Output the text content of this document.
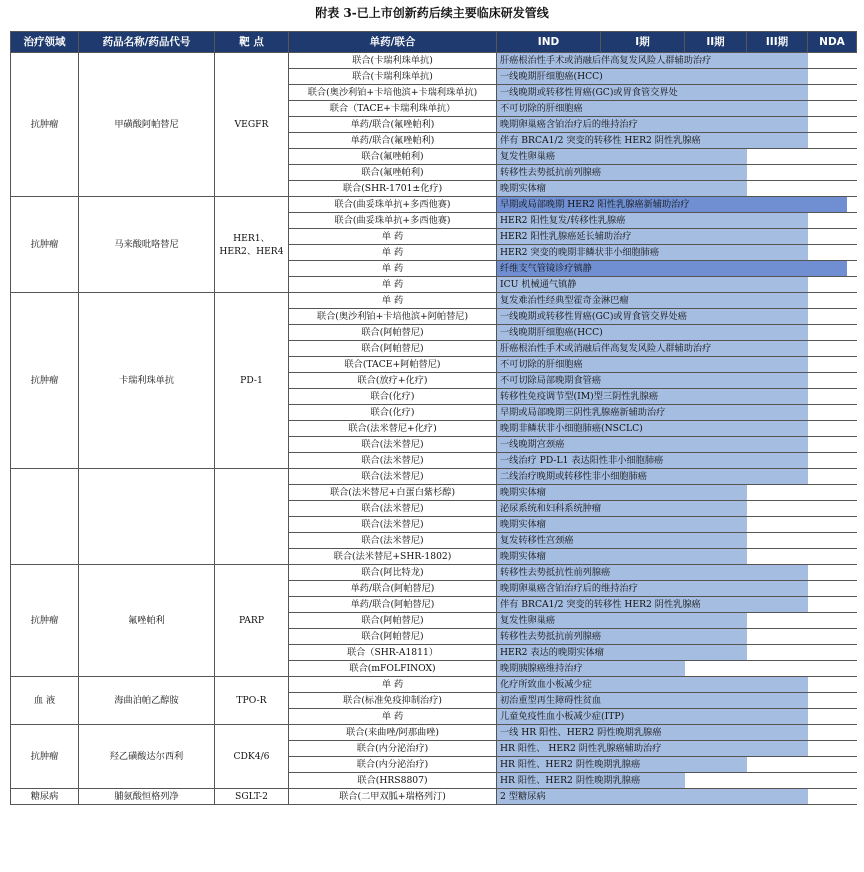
附表 3-已上市创新药后续主要临床研发管线
治疗领域	药品名称/药品代号	靶 点	单药/联合	IND	I期	II期	III期	NDA
抗肿瘤	甲磺酸阿帕替尼	VEGFR	联合(卡瑞利珠单抗)	肝癌根治性手术或消融后伴高复发风险人群辅助治疗				

			联合(卡瑞利珠单抗)	一线晚期肝细胞癌(HCC)				

			联合(奥沙利铂+卡培他滨+卡瑞利珠单抗)	一线晚期或转移性胃癌(GC)或胃食管交界处				

			联合（TACE+卡瑞利珠单抗）	不可切除的肝细胞癌				

			单药/联合(氟唑帕利)	晚期卵巢癌含铂治疗后的维持治疗				

			单药/联合(氟唑帕利)	伴有 BRCA1/2 突变的转移性 HER2 阴性乳腺癌				

			联合(氟唑帕利)	复发性卵巢癌				

			联合(氟唑帕利)	转移性去势抵抗前列腺癌				

			联合(SHR-1701±化疗)	晚期实体瘤				

抗肿瘤	马来酸吡咯替尼	HER1、HER2、HER4	联合(曲妥珠单抗+多西他赛)	早期或局部晚期 HER2 阳性乳腺癌新辅助治疗				

			联合(曲妥珠单抗+多西他赛)	HER2 阳性复发/转移性乳腺癌				

			单 药	HER2 阳性乳腺癌延长辅助治疗				

			单 药	HER2 突变的晚期非鳞状非小细胞肺癌				

			单 药	纤维支气管镜诊疗镇静				

			单 药	ICU 机械通气镇静				

抗肿瘤	卡瑞利珠单抗	PD-1	单 药	复发难治性经典型霍奇金淋巴瘤				

			联合(奥沙利铂+卡培他滨+阿帕替尼)	一线晚期或转移性胃癌(GC)或胃食管交界处癌				

			联合(阿帕替尼)	一线晚期肝细胞癌(HCC)				

			联合(阿帕替尼)	肝癌根治性手术或消融后伴高复发风险人群辅助治疗				

			联合(TACE+阿帕替尼)	不可切除的肝细胞癌				

			联合(放疗+化疗)	不可切除局部晚期食管癌				

			联合(化疗)	转移性免疫调节型(IM)型三阴性乳腺癌				

			联合(化疗)	早期或局部晚期三阴性乳腺癌新辅助治疗				

			联合(法米替尼+化疗)	晚期非鳞状非小细胞肺癌(NSCLC)				

			联合(法米替尼)	一线晚期宫颈癌				

			联合(法米替尼)	一线治疗 PD-L1 表达阳性非小细胞肺癌				

			联合(法米替尼)	二线治疗晚期或转移性非小细胞肺癌				

			联合(法米替尼+白蛋白紫杉醇)	晚期实体瘤				

			联合(法米替尼)	泌尿系统和妇科系统肿瘤				

			联合(法米替尼)	晚期实体瘤				

			联合(法米替尼)	复发转移性宫颈癌				

			联合(法米替尼+SHR-1802)	晚期实体瘤				

抗肿瘤	氟唑帕利	PARP	联合(阿比特龙)	转移性去势抵抗性前列腺癌				

			单药/联合(阿帕替尼)	晚期卵巢癌含铂治疗后的维持治疗				

			单药/联合(阿帕替尼)	伴有 BRCA1/2 突变的转移性 HER2 阴性乳腺癌				

			联合(阿帕替尼)	复发性卵巢癌				

			联合(阿帕替尼)	转移性去势抵抗前列腺癌				

			联合（SHR-A1811）	HER2 表达的晚期实体瘤				

			联合(mFOLFINOX)	晚期胰腺癌维持治疗				

血 液	海曲泊帕乙醇胺	TPO-R	单 药	化疗所致血小板减少症				

			联合(标准免疫抑制治疗)	初治重型再生障碍性贫血				

			单 药	儿童免疫性血小板减少症(ITP)				

抗肿瘤	羟乙磺酸达尔西利	CDK4/6	联合(来曲唑/阿那曲唑)	一线 HR 阳性、HER2 阴性晚期乳腺癌				

			联合(内分泌治疗)	HR 阳性、 HER2 阴性乳腺癌辅助治疗				

			联合(内分泌治疗)	HR 阳性、HER2 阴性晚期乳腺癌				

			联合(HRS8807)	HR 阳性、HER2 阴性晚期乳腺癌				

糖尿病	脯氨酸恒格列净	SGLT-2	联合(二甲双胍+瑞格列汀)	2 型糖尿病				
